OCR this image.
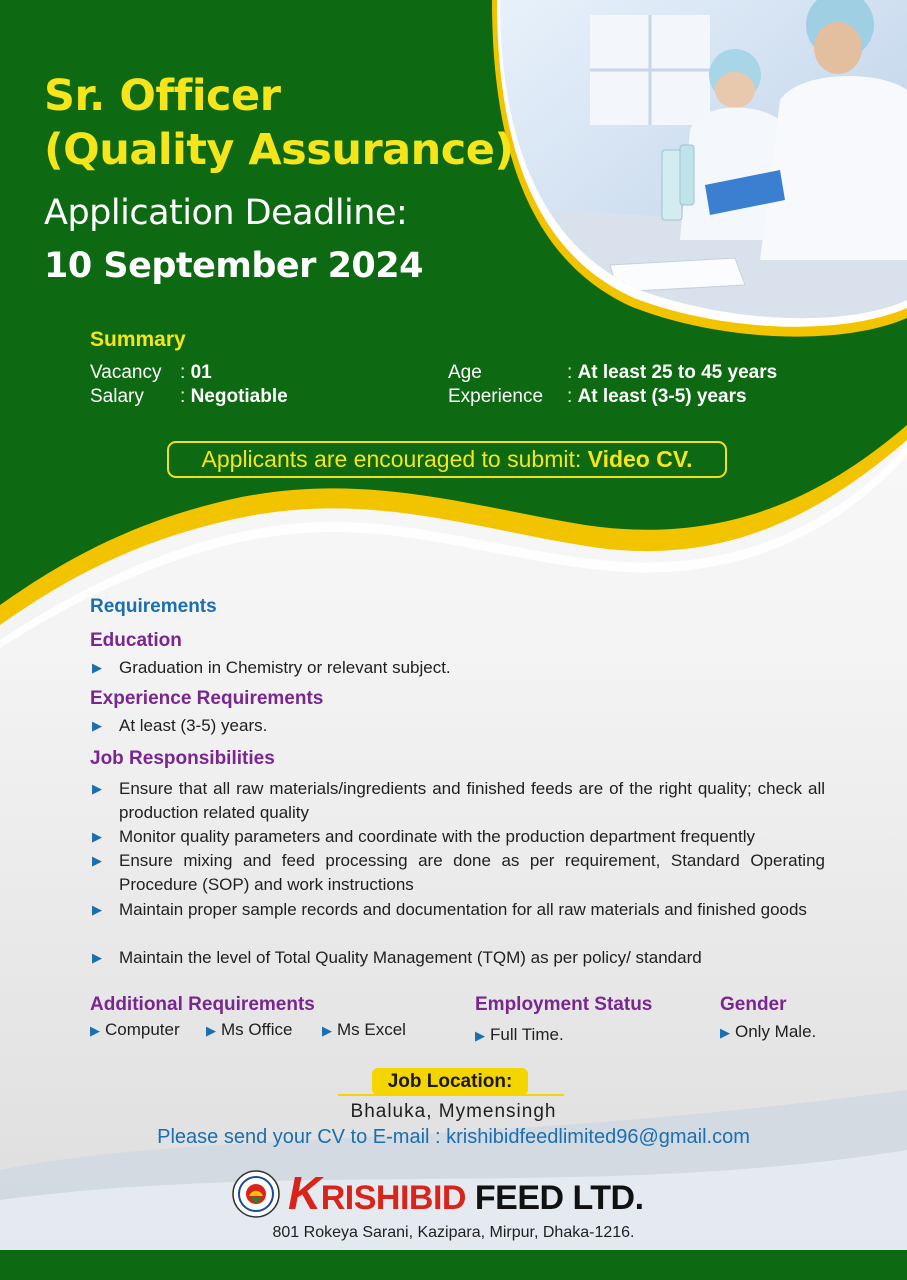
Sr. Officer
(Quality Assurance)
Application Deadline:
10 September 2024
Summary
Vacancy : 01
Salary : Negotiable
Age	: At least 25 to 45 years
Experience : At least (3-5) years
Applicants are encouraged to submit: Video CV.
Requirements
Education
▶ Graduation in Chemistry or relevant subject.
Experience Requirements
▶ At least (3-5) years.
Job Responsibilities
▶ Ensure that all raw materials/ingredients and finished feeds are of the right quality; check all production related quality
▶ Monitor quality parameters and coordinate with the production department frequently
▶ Ensure mixing and feed processing are done as per requirement, Standard Operating Procedure (SOP) and work instructions
▶ Maintain proper sample records and documentation for all raw materials and finished goods
▶ Maintain the level of Total Quality Management (TQM) as per policy/ standard
Additional Requirements
▶ Computer ▶ Ms Office ▶ Ms Excel
Employment Status
▶ Full Time.
Gender
▶ Only Male.
Job Location:
Bhaluka, Mymensingh
Please send your CV to E-mail : krishibidfeedlimited96@gmail.com
KRISHIBID FEED LTD.
801 Rokeya Sarani, Kazipara, Mirpur, Dhaka-1216.
